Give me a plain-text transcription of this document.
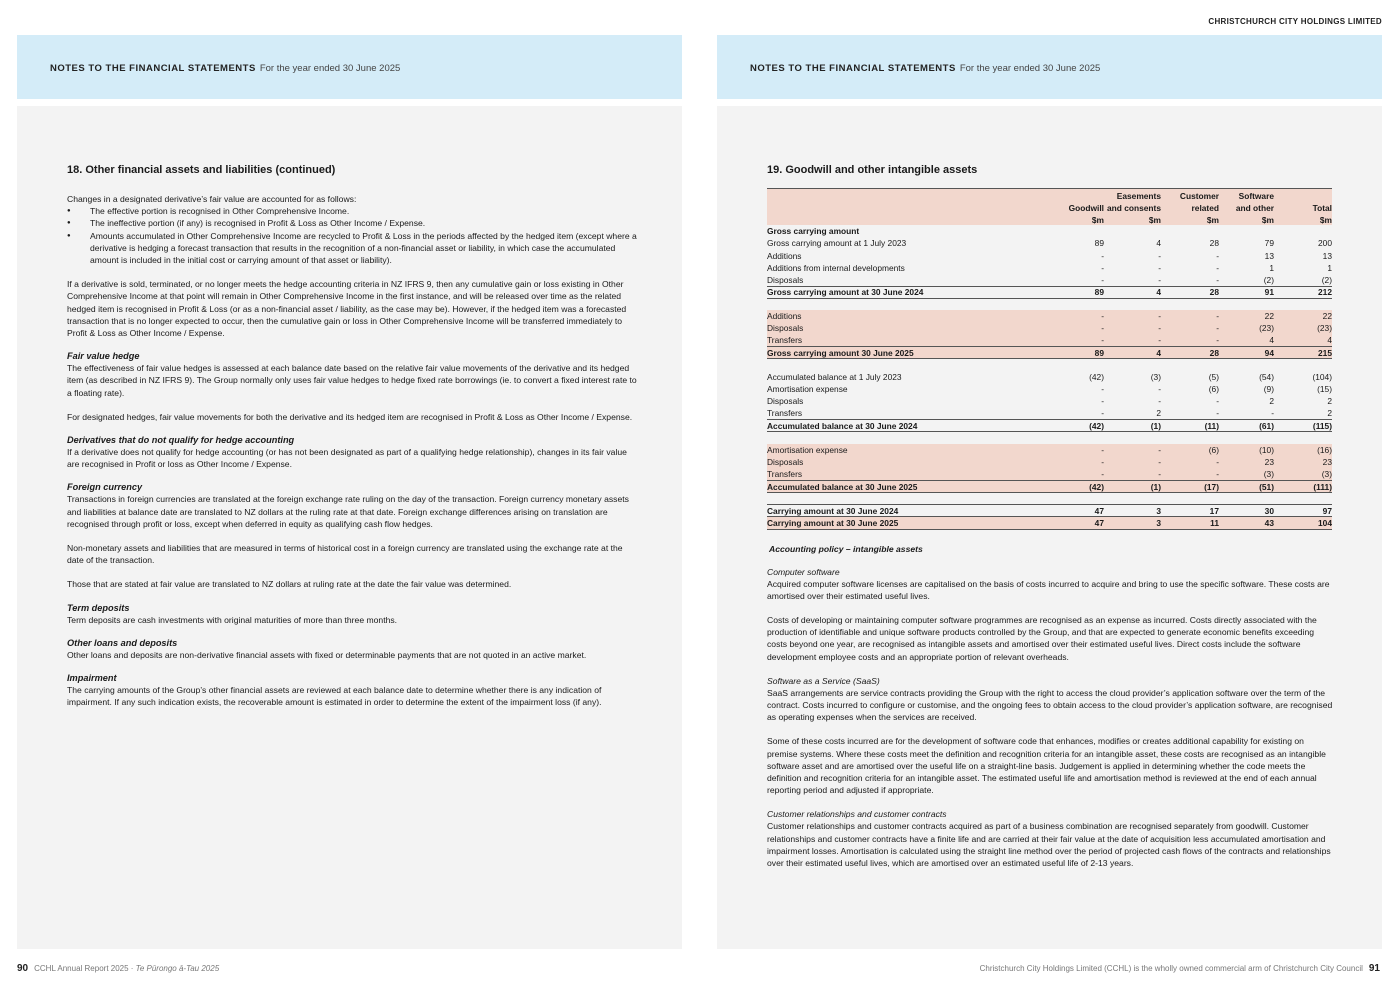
CHRISTCHURCH CITY HOLDINGS LIMITED
NOTES TO THE FINANCIAL STATEMENTS For the year ended 30 June 2025
18. Other financial assets and liabilities (continued)

Changes in a designated derivative’s fair value are accounted for as follows:

● The effective portion is recognised in Other Comprehensive Income.
● The ineffective portion (if any) is recognised in Profit & Loss as Other Income / Expense.
● Amounts accumulated in Other Comprehensive Income are recycled to Profit & Loss in the periods affected by the hedged item (except where a derivative is hedging a forecast transaction that results in the recognition of a non-financial asset or liability, in which case the accumulated amount is included in the initial cost or carrying amount of that asset or liability).

If a derivative is sold, terminated, or no longer meets the hedge accounting criteria in NZ IFRS 9, then any cumulative gain or loss existing in Other Comprehensive Income at that point will remain in Other Comprehensive Income in the first instance, and will be released over time as the related hedged item is recognised in Profit & Loss (or as a non-financial asset / liability, as the case may be). However, if the hedged item was a forecasted transaction that is no longer expected to occur, then the cumulative gain or loss in Other Comprehensive Income will be transferred immediately to Profit & Loss as Other Income / Expense.

Fair value hedge

The effectiveness of fair value hedges is assessed at each balance date based on the relative fair value movements of the derivative and its hedged item (as described in NZ IFRS 9). The Group normally only uses fair value hedges to hedge fixed rate borrowings (ie. to convert a fixed interest rate to a floating rate).

For designated hedges, fair value movements for both the derivative and its hedged item are recognised in Profit & Loss as Other Income / Expense.

Derivatives that do not qualify for hedge accounting

If a derivative does not qualify for hedge accounting (or has not been designated as part of a qualifying hedge relationship), changes in its fair value are recognised in Profit or loss as Other Income / Expense.

Foreign currency

Transactions in foreign currencies are translated at the foreign exchange rate ruling on the day of the transaction. Foreign currency monetary assets and liabilities at balance date are translated to NZ dollars at the ruling rate at that date. Foreign exchange differences arising on translation are recognised through profit or loss, except when deferred in equity as qualifying cash flow hedges.

Non-monetary assets and liabilities that are measured in terms of historical cost in a foreign currency are translated using the exchange rate at the date of the transaction.

Those that are stated at fair value are translated to NZ dollars at ruling rate at the date the fair value was determined.

Term deposits

Term deposits are cash investments with original maturities of more than three months.

Other loans and deposits

Other loans and deposits are non-derivative financial assets with fixed or determinable payments that are not quoted in an active market.

Impairment

The carrying amounts of the Group’s other financial assets are reviewed at each balance date to determine whether there is any indication of impairment. If any such indication exists, the recoverable amount is estimated in order to determine the extent of the impairment loss (if any).

NOTES TO THE FINANCIAL STATEMENTS For the year ended 30 June 2025
19. Goodwill and other intangible assets
		Easements	Customer	Software	
	Goodwill	and consents	related	and other	Total
	$m	$m	$m	$m	$m
Gross carrying amount					
Gross carrying amount at 1 July 2023	89	4	28	79	200
Additions	-	-	-	13	13
Additions from internal developments	-	-	-	1	1
Disposals	-	-	-	(2)	(2)
Gross carrying amount at 30 June 2024	89	4	28	91	212

Additions	-	-	-	22	22
Disposals	-	-	-	(23)	(23)
Transfers	-	-	-	4	4
Gross carrying amount 30 June 2025	89	4	28	94	215

Accumulated balance at 1 July 2023	(42)	(3)	(5)	(54)	(104)
Amortisation expense	-	-	(6)	(9)	(15)
Disposals	-	-	-	2	2
Transfers	-	2	-	-	2
Accumulated balance at 30 June 2024	(42)	(1)	(11)	(61)	(115)

Amortisation expense	-	-	(6)	(10)	(16)
Disposals	-	-	-	23	23
Transfers	-	-	-	(3)	(3)
Accumulated balance at 30 June 2025	(42)	(1)	(17)	(51)	(111)

Carrying amount at 30 June 2024	47	3	17	30	97
Carrying amount at 30 June 2025	47	3	11	43	104
Accounting policy – intangible assets
Computer software

Acquired computer software licenses are capitalised on the basis of costs incurred to acquire and bring to use the specific software. These costs are amortised over their estimated useful lives.

Costs of developing or maintaining computer software programmes are recognised as an expense as incurred. Costs directly associated with the production of identifiable and unique software products controlled by the Group, and that are expected to generate economic benefits exceeding costs beyond one year, are recognised as intangible assets and amortised over their estimated useful lives. Direct costs include the software development employee costs and an appropriate portion of relevant overheads.

Software as a Service (SaaS)

SaaS arrangements are service contracts providing the Group with the right to access the cloud provider’s application software over the term of the contract. Costs incurred to configure or customise, and the ongoing fees to obtain access to the cloud provider’s application software, are recognised as operating expenses when the services are received.

Some of these costs incurred are for the development of software code that enhances, modifies or creates additional capability for existing on premise systems. Where these costs meet the definition and recognition criteria for an intangible asset, these costs are recognised as an intangible software asset and are amortised over the useful life on a straight-line basis. Judgement is applied in determining whether the code meets the definition and recognition criteria for an intangible asset. The estimated useful life and amortisation method is reviewed at the end of each annual reporting period and adjusted if appropriate.

Customer relationships and customer contracts

Customer relationships and customer contracts acquired as part of a business combination are recognised separately from goodwill. Customer relationships and customer contracts have a finite life and are carried at their fair value at the date of acquisition less accumulated amortisation and impairment losses. Amortisation is calculated using the straight line method over the period of projected cash flows of the contracts and relationships over their estimated useful lives, which are amortised over an estimated useful life of 2-13 years.

90 CCHL Annual Report 2025 · Te Pūrongo ā-Tau 2025	Christchurch City Holdings Limited (CCHL) is the wholly owned commercial arm of Christchurch City Council 91
